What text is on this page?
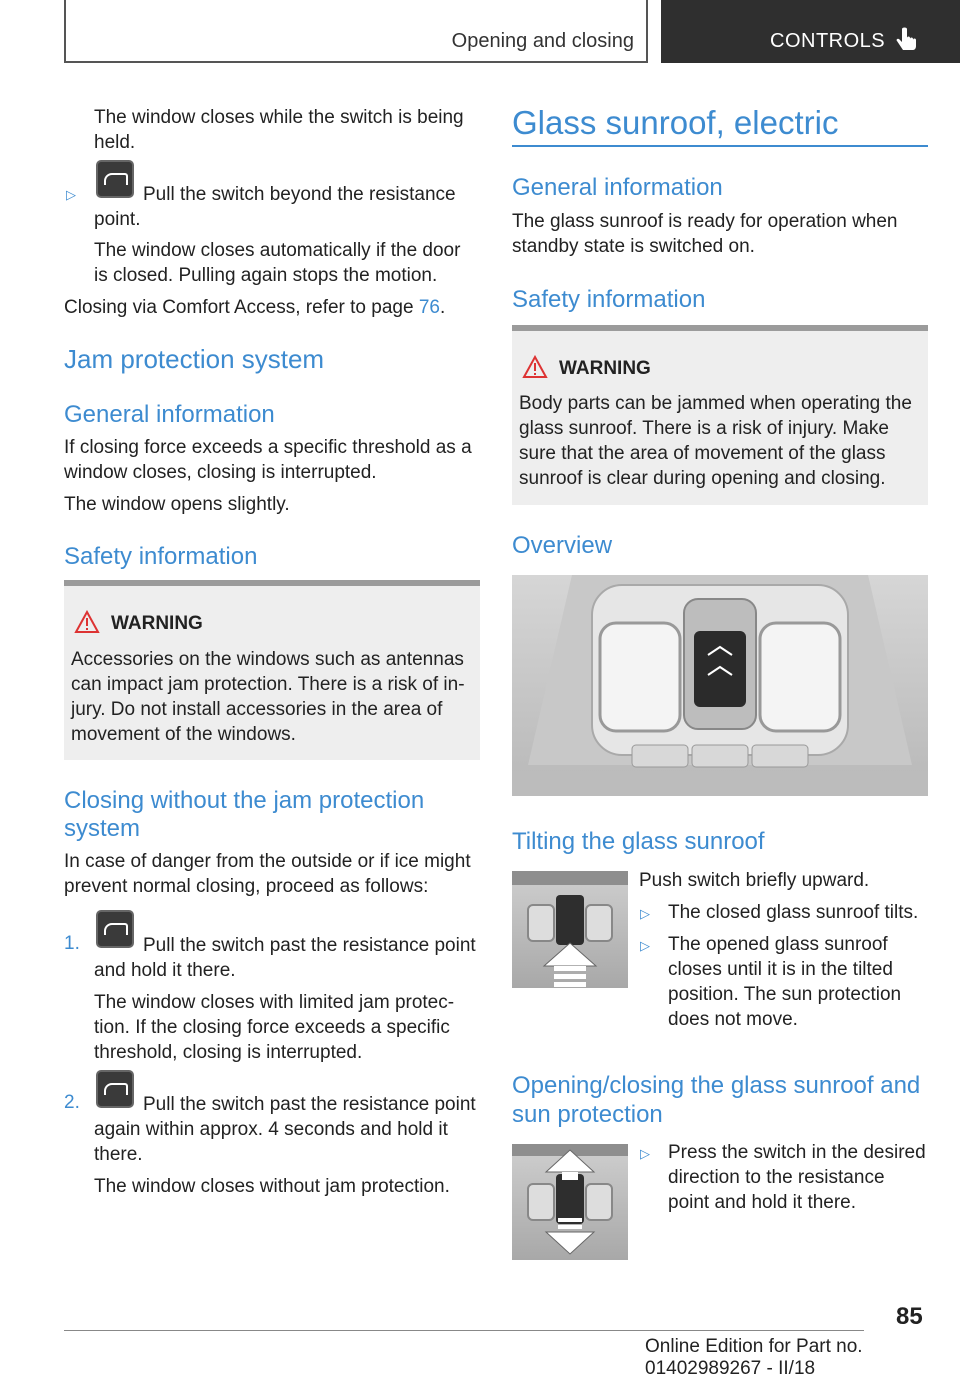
Opening and closing	CONTROLS

The window closes while the switch is being held.

▷	Pull the switch beyond the resistance point.

The window closes automatically if the door is closed. Pulling again stops the motion.

Closing via Comfort Access, refer to page 76.

Jam protection system
General information

If closing force exceeds a specific threshold as a window closes, closing is interrupted.

The window opens slightly.

Safety information
WARNING

Accessories on the windows such as antennas can impact jam protection. There is a risk of in-jury. Do not install accessories in the area of movement of the windows.

Closing without the jam protection system

In case of danger from the outside or if ice might prevent normal closing, proceed as follows:

1.	Pull the switch past the resistance point and hold it there.

The window closes with limited jam protec-tion. If the closing force exceeds a specific threshold, closing is interrupted.

2.	Pull the switch past the resistance point again within approx. 4 seconds and hold it there.

The window closes without jam protection.

Glass sunroof, electric
General information

The glass sunroof is ready for operation when standby state is switched on.

Safety information
WARNING

Body parts can be jammed when operating the glass sunroof. There is a risk of injury. Make sure that the area of movement of the glass sunroof is clear during opening and closing.

Overview
Tilting the glass sunroof

Push switch briefly upward.

▷ The closed glass sunroof tilts.

▷ The opened glass sunroof closes until it is in the tilted position. The sun protection does not move.

Opening/closing the glass sunroof and sun protection
▷ Press the switch in the desired direction to the resistance point and hold it there.

85
Online Edition for Part no. 01402989267 - II/18
